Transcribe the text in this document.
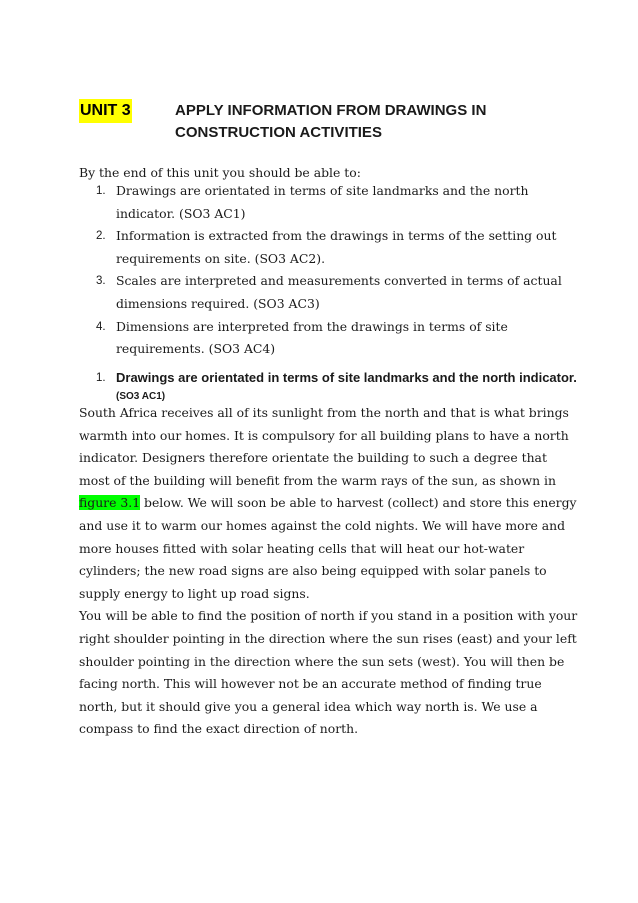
UNIT 3	APPLY INFORMATION FROM DRAWINGS IN
CONSTRUCTION ACTIVITIES

By the end of this unit you should be able to:

1. Drawings are orientated in terms of site landmarks and the north indicator. (SO3 AC1)
2. Information is extracted from the drawings in terms of the setting out requirements on site. (SO3 AC2).
3. Scales are interpreted and measurements converted in terms of actual dimensions required. (SO3 AC3)
4. Dimensions are interpreted from the drawings in terms of site requirements. (SO3 AC4)
1. Drawings are orientated in terms of site landmarks and the north indicator. (SO3 AC1)

South Africa receives all of its sunlight from the north and that is what brings warmth into our homes. It is compulsory for all building plans to have a north indicator. Designers therefore orientate the building to such a degree that most of the building will benefit from the warm rays of the sun, as shown in figure 3.1 below. We will soon be able to harvest (collect) and store this energy and use it to warm our homes against the cold nights. We will have more and more houses fitted with solar heating cells that will heat our hot-water cylinders; the new road signs are also being equipped with solar panels to supply energy to light up road signs.

You will be able to find the position of north if you stand in a position with your right shoulder pointing in the direction where the sun rises (east) and your left shoulder pointing in the direction where the sun sets (west). You will then be facing north. This will however not be an accurate method of finding true north, but it should give you a general idea which way north is. We use a compass to find the exact direction of north.
